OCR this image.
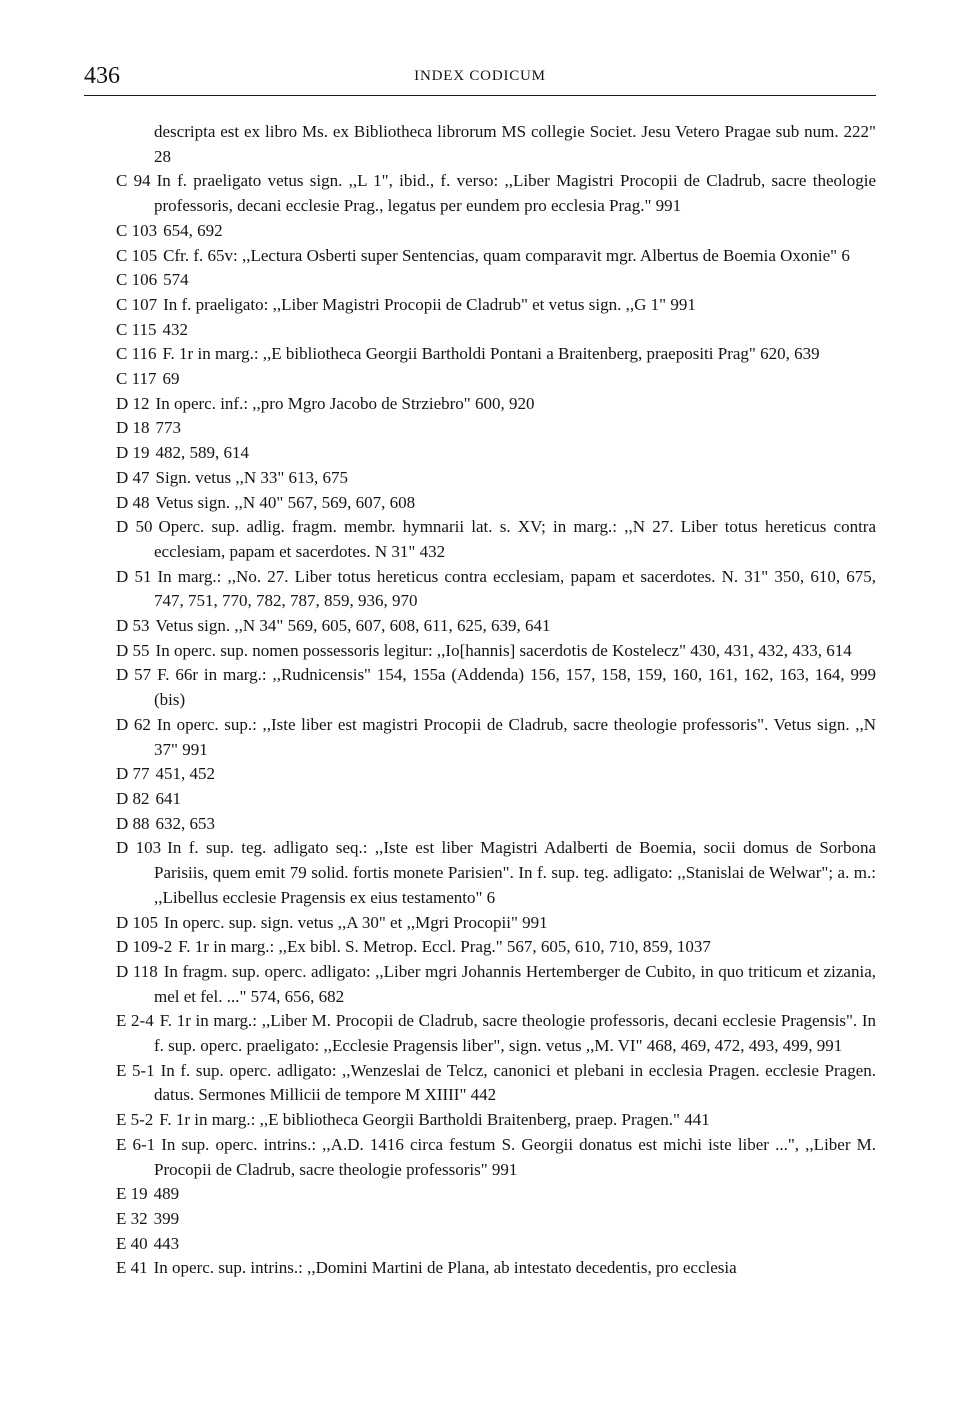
436	INDEX CODICUM

descripta est ex libro Ms. ex Bibliotheca librorum MS collegie Societ. Jesu Vetero Pragae sub num. 222" 28

C 94 In f. praeligato vetus sign. ,,L 1", ibid., f. verso: ,,Liber Magistri Procopii de Cladrub, sacre theologie professoris, decani ecclesie Prag., legatus per eundem pro ecclesia Prag." 991

C 103 654, 692

C 105 Cfr. f. 65v: ,,Lectura Osberti super Sentencias, quam comparavit mgr. Albertus de Boemia Oxonie" 6

C 106 574

C 107 In f. praeligato: ,,Liber Magistri Procopii de Cladrub" et vetus sign. ,,G 1" 991

C 115 432

C 116 F. 1r in marg.: ,,E bibliotheca Georgii Bartholdi Pontani a Braitenberg, praepositi Prag" 620, 639

C 117 69

D 12 In operc. inf.: ,,pro Mgro Jacobo de Strziebro" 600, 920

D 18 773

D 19 482, 589, 614

D 47 Sign. vetus ,,N 33" 613, 675

D 48 Vetus sign. ,,N 40" 567, 569, 607, 608

D 50 Operc. sup. adlig. fragm. membr. hymnarii lat. s. XV; in marg.: ,,N 27. Liber totus hereticus contra ecclesiam, papam et sacerdotes. N 31" 432

D 51 In marg.: ,,No. 27. Liber totus hereticus contra ecclesiam, papam et sacerdotes. N. 31" 350, 610, 675, 747, 751, 770, 782, 787, 859, 936, 970

D 53 Vetus sign. ,,N 34" 569, 605, 607, 608, 611, 625, 639, 641

D 55 In operc. sup. nomen possessoris legitur: ,,Io[hannis] sacerdotis de Kostelecz" 430, 431, 432, 433, 614

D 57 F. 66r in marg.: ,,Rudnicensis" 154, 155a (Addenda) 156, 157, 158, 159, 160, 161, 162, 163, 164, 999 (bis)

D 62 In operc. sup.: ,,Iste liber est magistri Procopii de Cladrub, sacre theologie professoris". Vetus sign. ,,N 37" 991

D 77 451, 452

D 82 641

D 88 632, 653

D 103 In f. sup. teg. adligato seq.: ,,Iste est liber Magistri Adalberti de Boemia, socii domus de Sorbona Parisiis, quem emit 79 solid. fortis monete Parisien". In f. sup. teg. adligato: ,,Stanislai de Welwar"; a. m.: ,,Libellus ecclesie Pragensis ex eius testamento" 6

D 105 In operc. sup. sign. vetus ,,A 30" et ,,Mgri Procopii" 991

D 109-2 F. 1r in marg.: ,,Ex bibl. S. Metrop. Eccl. Prag." 567, 605, 610, 710, 859, 1037

D 118 In fragm. sup. operc. adligato: ,,Liber mgri Johannis Hertemberger de Cubito, in quo triticum et zizania, mel et fel. ..." 574, 656, 682

E 2-4 F. 1r in marg.: ,,Liber M. Procopii de Cladrub, sacre theologie professoris, decani ecclesie Pragensis". In f. sup. operc. praeligato: ,,Ecclesie Pragensis liber", sign. vetus ,,M. VI" 468, 469, 472, 493, 499, 991

E 5-1 In f. sup. operc. adligato: ,,Wenzeslai de Telcz, canonici et plebani in ecclesia Pragen. ecclesie Pragen. datus. Sermones Millicii de tempore M XIIII" 442

E 5-2 F. 1r in marg.: ,,E bibliotheca Georgii Bartholdi Braitenberg, praep. Pragen." 441

E 6-1 In sup. operc. intrins.: ,,A.D. 1416 circa festum S. Georgii donatus est michi iste liber ...", ,,Liber M. Procopii de Cladrub, sacre theologie professoris" 991

E 19 489

E 32 399

E 40 443

E 41 In operc. sup. intrins.: ,,Domini Martini de Plana, ab intestato decedentis, pro ecclesia
